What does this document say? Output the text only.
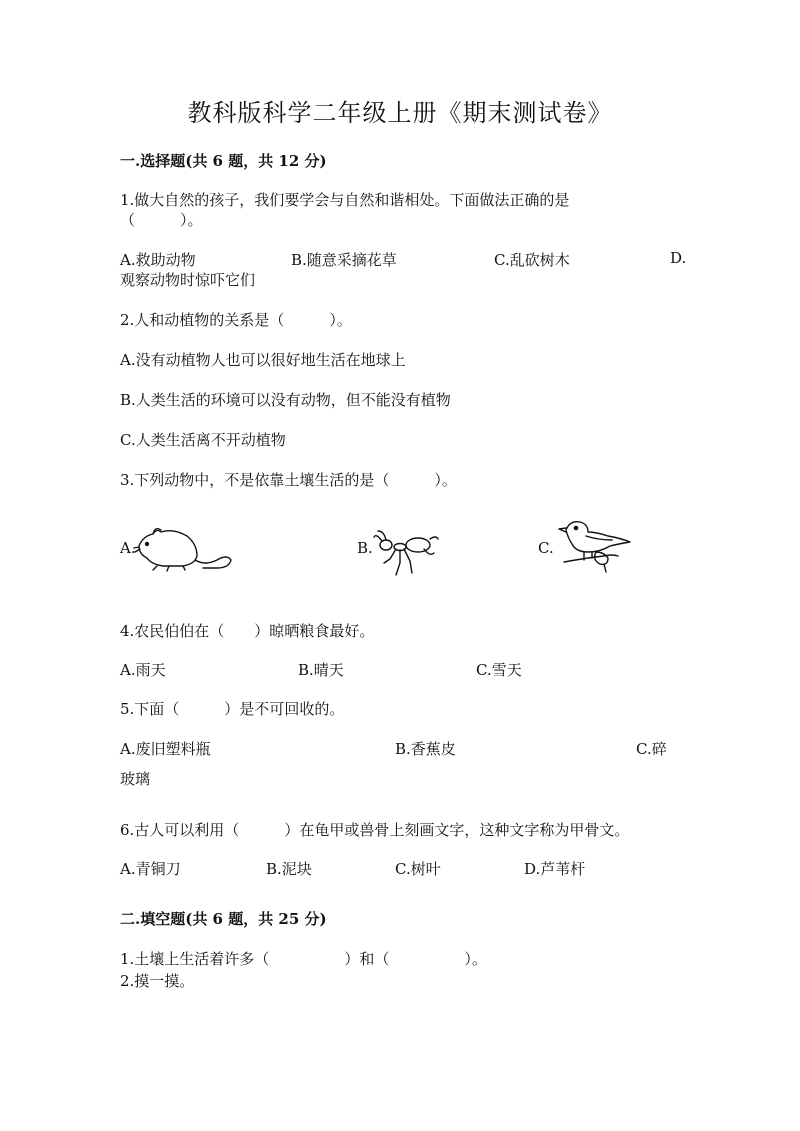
教科版科学二年级上册《期末测试卷》
一.选择题(共 6 题，共 12 分)
1.做大自然的孩子，我们要学会与自然和谐相处。下面做法正确的是
（　　　）。
A.救助动物	B.随意采摘花草	C.乱砍树木	D.
观察动物时惊吓它们
2.人和动植物的关系是（　　　）。
A.没有动植物人也可以很好地生活在地球上
B.人类生活的环境可以没有动物，但不能没有植物
C.人类生活离不开动植物
3.下列动物中，不是依靠土壤生活的是（　　　）。
A.	B.	C.
4.农民伯伯在（　　）晾晒粮食最好。
A.雨天	B.晴天	C.雪天
5.下面（　　　）是不可回收的。
A.废旧塑料瓶	B.香蕉皮	C.碎
玻璃
6.古人可以利用（　　　）在龟甲或兽骨上刻画文字，这种文字称为甲骨文。
A.青铜刀	B.泥块	C.树叶	D.芦苇杆
二.填空题(共 6 题，共 25 分)
1.土壤上生活着许多（　　　　　）和（　　　　　）。
2.摸一摸。
